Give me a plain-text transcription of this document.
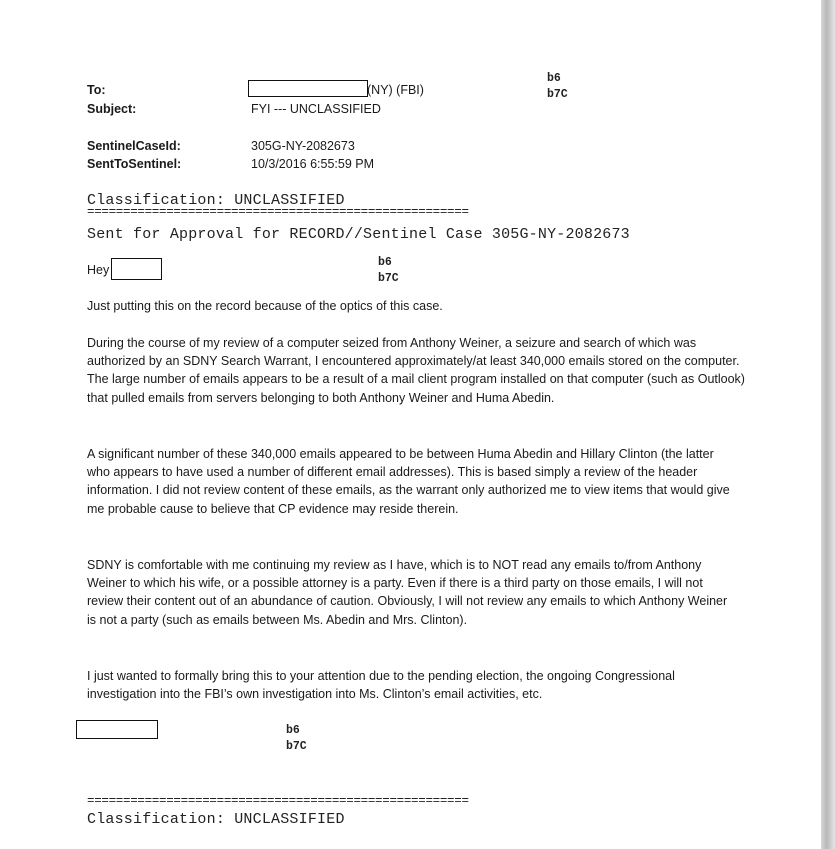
To:	(NY) (FBI)
b6
b7C
Subject:	FYI --- UNCLASSIFIED
SentinelCaseId:	305G-NY-2082673
SentToSentinel:	10/3/2016 6:55:59 PM
Classification: UNCLASSIFIED
=====================================================
Sent for Approval for RECORD//Sentinel Case 305G-NY-2082673
Hey
b6
b7C
Just putting this on the record because of the optics of this case.
During the course of my review of a computer seized from Anthony Weiner, a seizure and search of which was authorized by an SDNY Search Warrant, I encountered approximately/at least 340,000 emails stored on the computer. The large number of emails appears to be a result of a mail client program installed on that computer (such as Outlook) that pulled emails from servers belonging to both Anthony Weiner and Huma Abedin.
A significant number of these 340,000 emails appeared to be between Huma Abedin and Hillary Clinton (the latter who appears to have used a number of different email addresses). This is based simply a review of the header information. I did not review content of these emails, as the warrant only authorized me to view items that would give me probable cause to believe that CP evidence may reside therein.
SDNY is comfortable with me continuing my review as I have, which is to NOT read any emails to/from Anthony Weiner to which his wife, or a possible attorney is a party. Even if there is a third party on those emails, I will not review their content out of an abundance of caution. Obviously, I will not review any emails to which Anthony Weiner is not a party (such as emails between Ms. Abedin and Mrs. Clinton).
I just wanted to formally bring this to your attention due to the pending election, the ongoing Congressional investigation into the FBI’s own investigation into Ms. Clinton’s email activities, etc.
b6
b7C
=====================================================
Classification: UNCLASSIFIED
